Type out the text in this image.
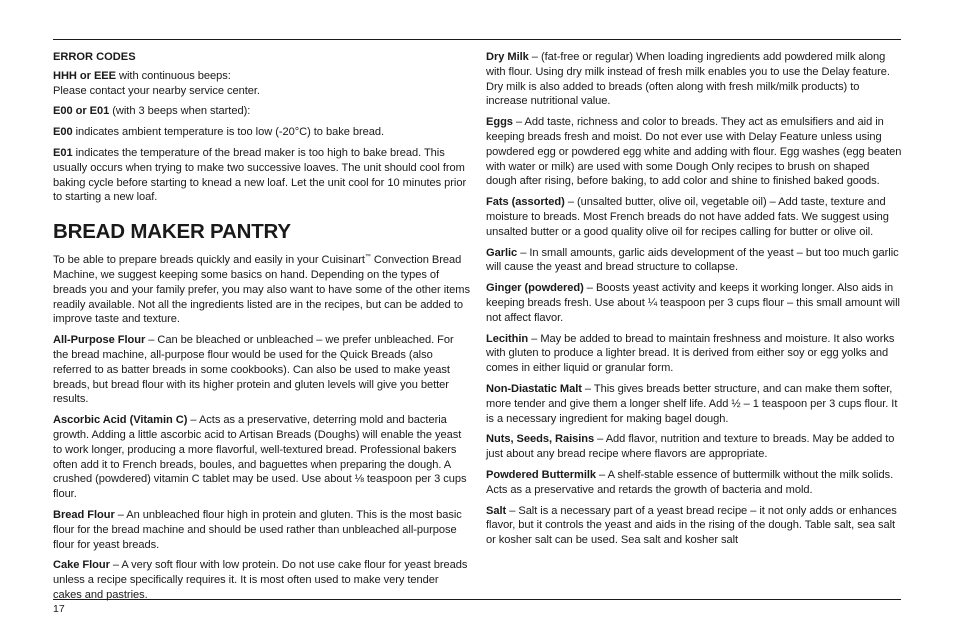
ERROR CODES

HHH or EEE with continuous beeps:

Please contact your nearby service center.

E00 or E01 (with 3 beeps when started):

E00 indicates ambient temperature is too low (-20°C) to bake bread.

E01 indicates the temperature of the bread maker is too high to bake bread. This usually occurs when trying to make two successive loaves. The unit should cool from baking cycle before starting to knead a new loaf. Let the unit cool for 10 minutes prior to starting a new loaf.

BREAD MAKER PANTRY

To be able to prepare breads quickly and easily in your Cuisinart™ Convection Bread Machine, we suggest keeping some basics on hand. Depending on the types of breads you and your family prefer, you may also want to have some of the other items readily available. Not all the ingredients listed are in the recipes, but can be added to improve taste and texture.

All-Purpose Flour – Can be bleached or unbleached – we prefer unbleached. For the bread machine, all-purpose flour would be used for the Quick Breads (also referred to as batter breads in some cookbooks). Can also be used to make yeast breads, but bread flour with its higher protein and gluten levels will give you better results.

Ascorbic Acid (Vitamin C) – Acts as a preservative, deterring mold and bacteria growth. Adding a little ascorbic acid to Artisan Breads (Doughs) will enable the yeast to work longer, producing a more flavorful, well-textured bread. Professional bakers often add it to French breads, boules, and baguettes when preparing the dough. A crushed (powdered) vitamin C tablet may be used. Use about ⅛ teaspoon per 3 cups flour.

Bread Flour – An unbleached flour high in protein and gluten. This is the most basic flour for the bread machine and should be used rather than unbleached all-purpose flour for yeast breads.

Cake Flour – A very soft flour with low protein. Do not use cake flour for yeast breads unless a recipe specifically requires it. It is most often used to make very tender cakes and pastries.

Dry Milk – (fat-free or regular) When loading ingredients add powdered milk along with flour. Using dry milk instead of fresh milk enables you to use the Delay feature. Dry milk is also added to breads (often along with fresh milk/milk products) to increase nutritional value.

Eggs – Add taste, richness and color to breads. They act as emulsifiers and aid in keeping breads fresh and moist. Do not ever use with Delay Feature unless using powdered egg or powdered egg white and adding with flour. Egg washes (egg beaten with water or milk) are used with some Dough Only recipes to brush on shaped dough after rising, before baking, to add color and shine to finished baked goods.

Fats (assorted) – (unsalted butter, olive oil, vegetable oil) – Add taste, texture and moisture to breads. Most French breads do not have added fats. We suggest using unsalted butter or a good quality olive oil for recipes calling for butter or olive oil.

Garlic – In small amounts, garlic aids development of the yeast – but too much garlic will cause the yeast and bread structure to collapse.

Ginger (powdered) – Boosts yeast activity and keeps it working longer. Also aids in keeping breads fresh. Use about ¼ teaspoon per 3 cups flour – this small amount will not affect flavor.

Lecithin – May be added to bread to maintain freshness and moisture. It also works with gluten to produce a lighter bread. It is derived from either soy or egg yolks and comes in either liquid or granular form.

Non-Diastatic Malt – This gives breads better structure, and can make them softer, more tender and give them a longer shelf life. Add ½ – 1 teaspoon per 3 cups flour. It is a necessary ingredient for making bagel dough.

Nuts, Seeds, Raisins – Add flavor, nutrition and texture to breads. May be added to just about any bread recipe where flavors are appropriate.

Powdered Buttermilk – A shelf-stable essence of buttermilk without the milk solids. Acts as a preservative and retards the growth of bacteria and mold.

Salt – Salt is a necessary part of a yeast bread recipe – it not only adds or enhances flavor, but it controls the yeast and aids in the rising of the dough. Table salt, sea salt or kosher salt can be used. Sea salt and kosher salt

17
